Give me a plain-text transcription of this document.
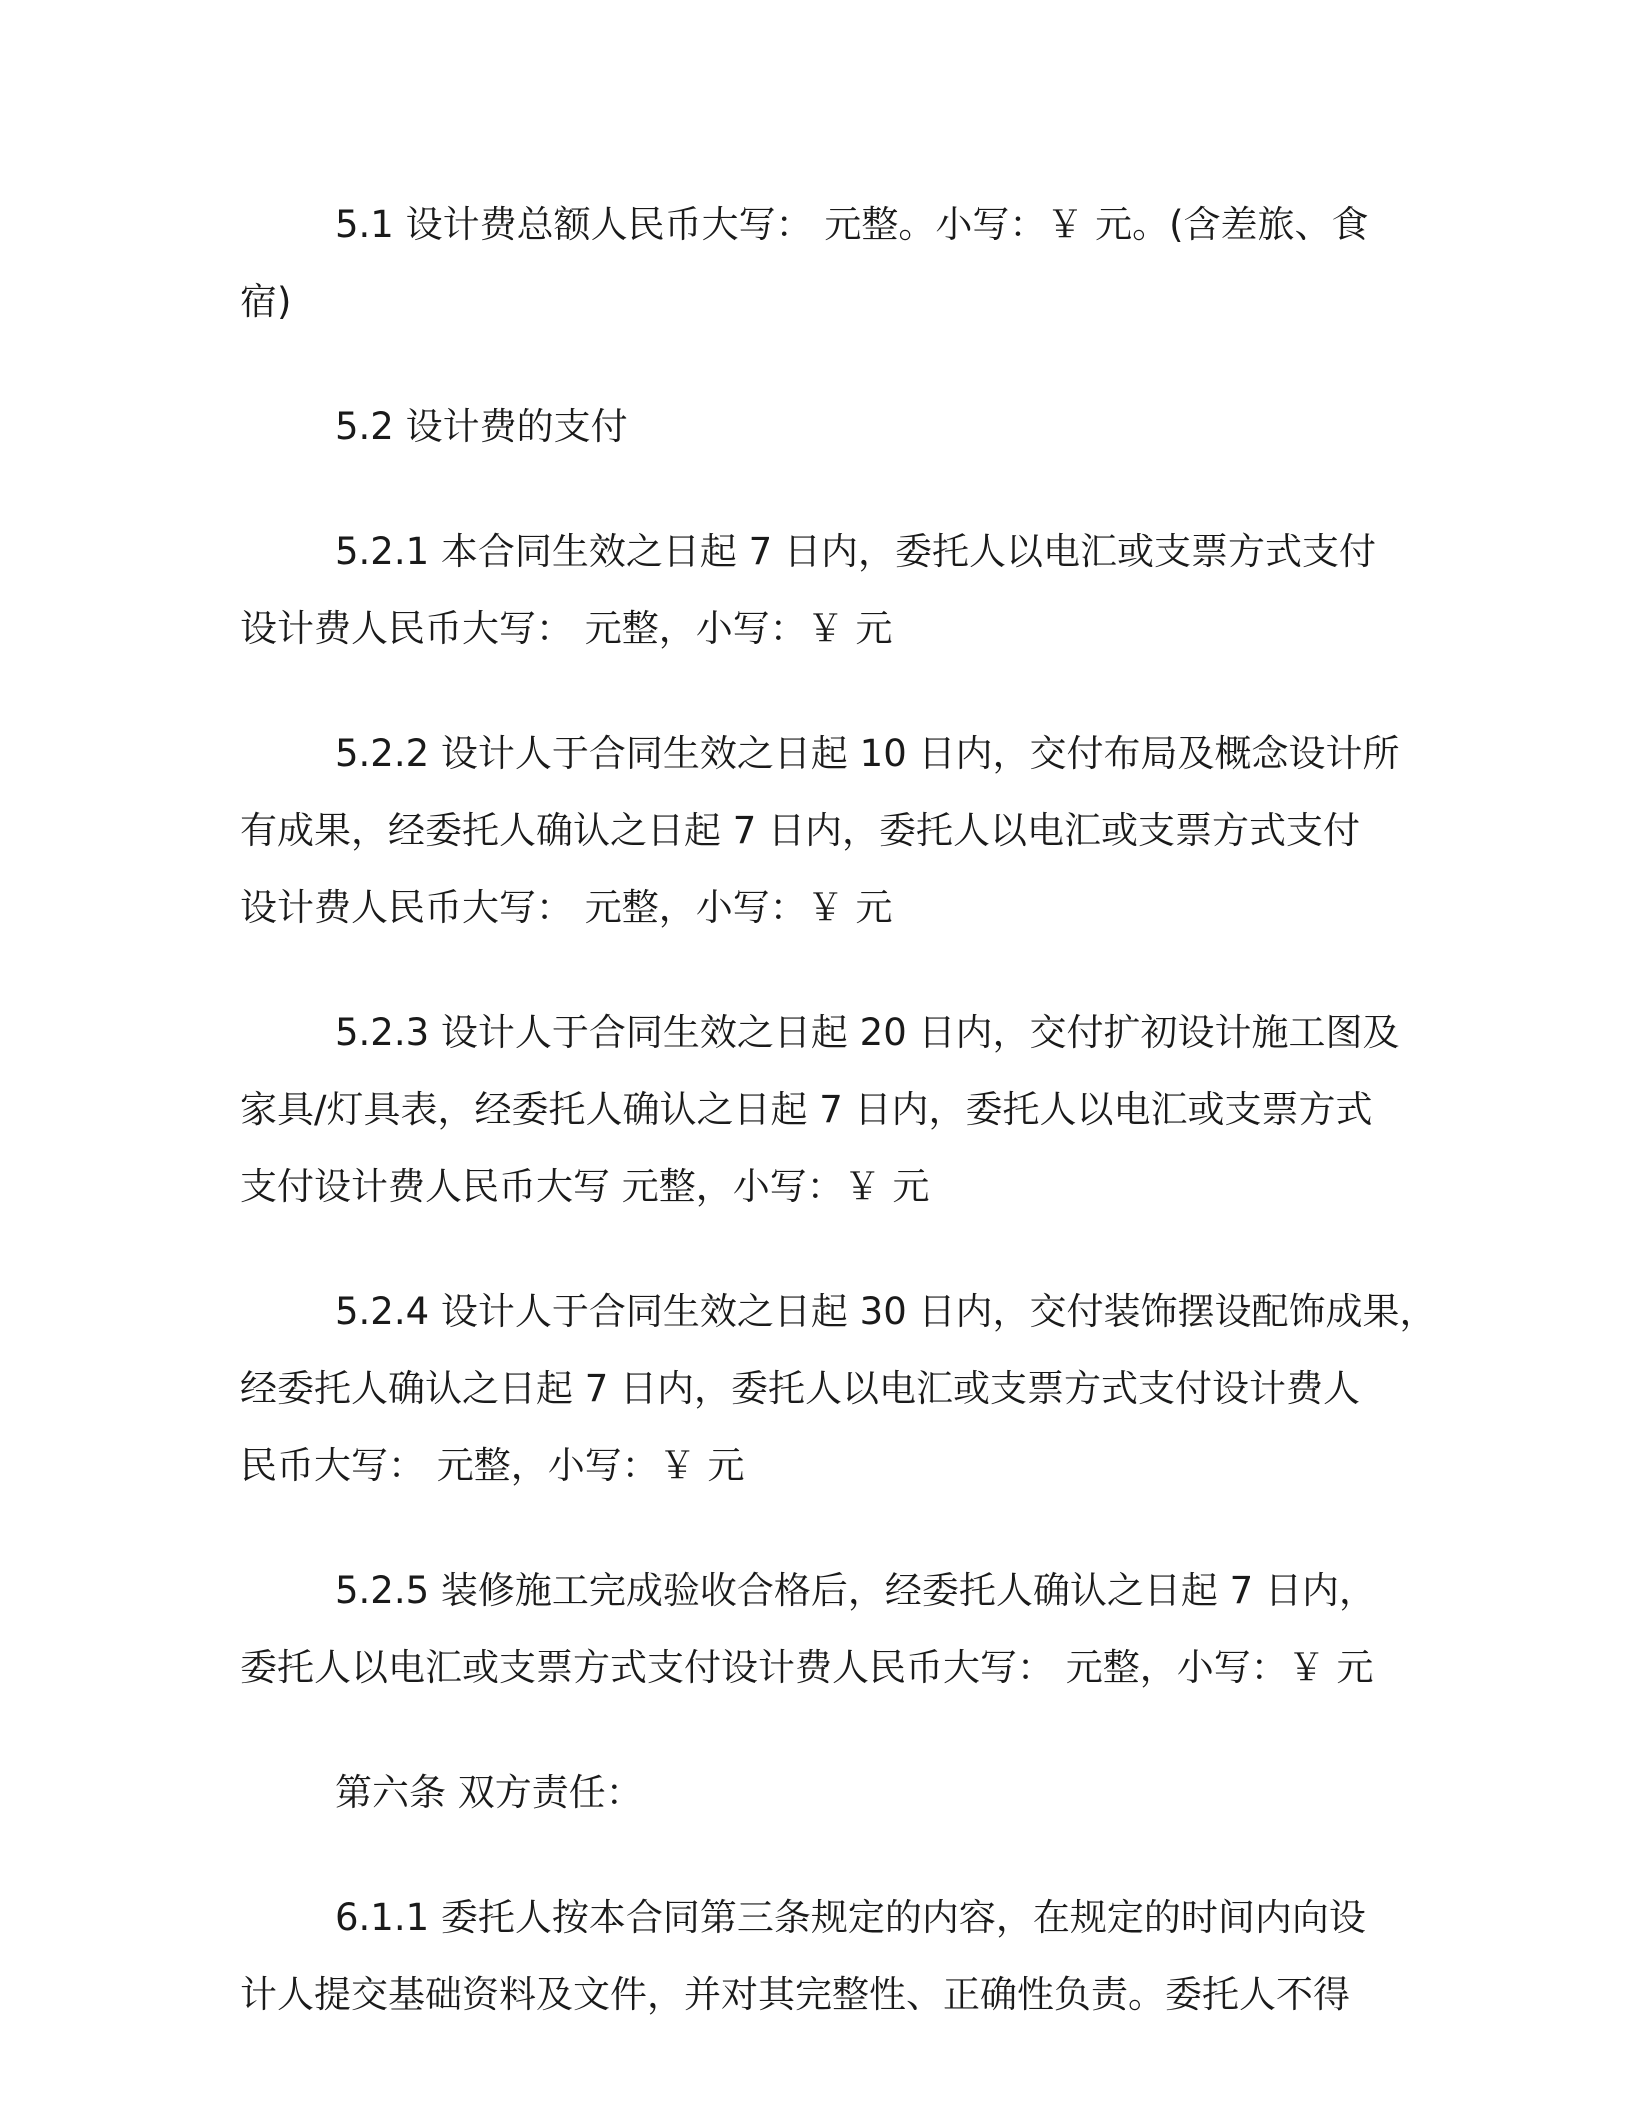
5.1 设计费总额人民币大写： 元整。小写：￥ 元。(含差旅、食
宿)

5.2 设计费的支付

5.2.1 本合同生效之日起 7 日内，委托人以电汇或支票方式支付
设计费人民币大写： 元整，小写：￥ 元

5.2.2 设计人于合同生效之日起 10 日内，交付布局及概念设计所
有成果，经委托人确认之日起 7 日内，委托人以电汇或支票方式支付
设计费人民币大写： 元整，小写：￥ 元

5.2.3 设计人于合同生效之日起 20 日内，交付扩初设计施工图及
家具/灯具表，经委托人确认之日起 7 日内，委托人以电汇或支票方式
支付设计费人民币大写 元整，小写：￥ 元

5.2.4 设计人于合同生效之日起 30 日内，交付装饰摆设配饰成果，
经委托人确认之日起 7 日内，委托人以电汇或支票方式支付设计费人
民币大写： 元整，小写：￥ 元

5.2.5 装修施工完成验收合格后，经委托人确认之日起 7 日内，
委托人以电汇或支票方式支付设计费人民币大写： 元整，小写：￥ 元

第六条 双方责任：

6.1.1 委托人按本合同第三条规定的内容，在规定的时间内向设
计人提交基础资料及文件，并对其完整性、正确性负责。委托人不得
